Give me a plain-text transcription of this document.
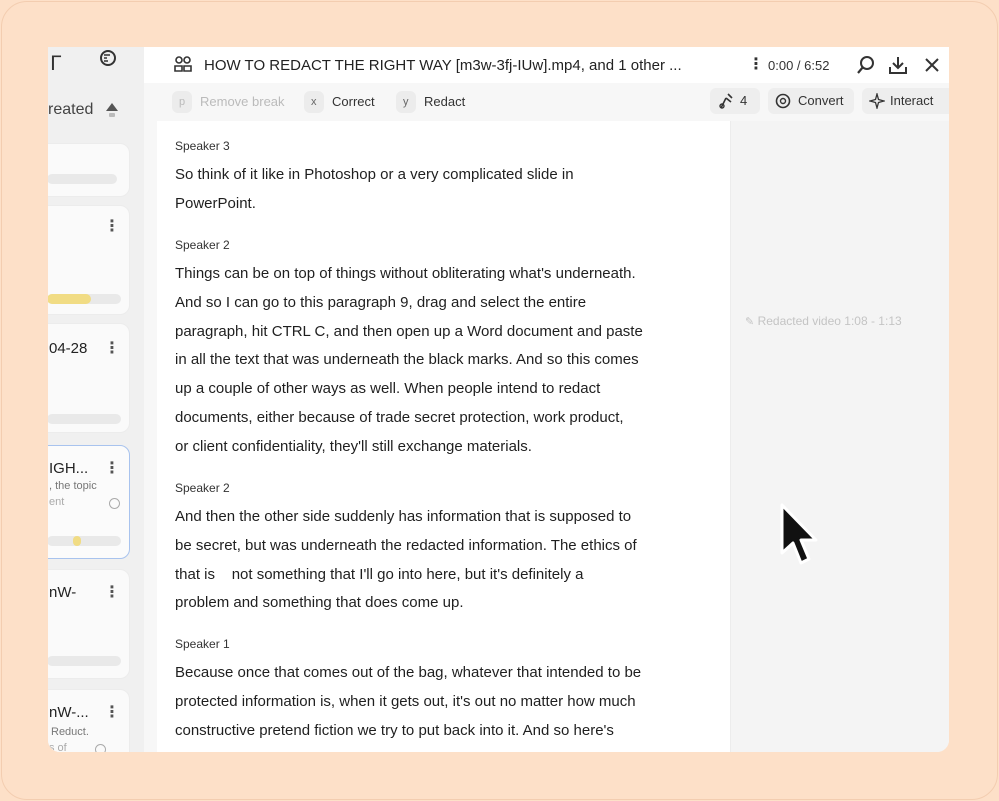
ᒥ
reated
⋮
04-28 ⋮
IGH... ⋮
, the topic
ent
nW- ⋮
nW-... ⋮
Reduct.
s of
HOW TO REDACT THE RIGHT WAY [m3w-3fj-IUw].mp4, and 1 other ...	⋮ 0:00 / 6:52
p	Remove break	x	Correct	y	Redact	4	Convert	Interact
Speaker 3
So think of it like in Photoshop or a very complicated slide in
PowerPoint.
Speaker 2
Things can be on top of things without obliterating what's underneath.
And so I can go to this paragraph 9, drag and select the entire
paragraph, hit CTRL C, and then open up a Word document and paste
in all the text that was underneath the black marks. And so this comes
up a couple of other ways as well. When people intend to redact
documents, either because of trade secret protection, work product,
or client confidentiality, they'll still exchange materials.
Speaker 2
And then the other side suddenly has information that is supposed to
be secret, but was underneath the redacted information. The ethics of
that is    not something that I'll go into here, but it's definitely a
problem and something that does come up.
Speaker 1
Because once that comes out of the bag, whatever that intended to be
protected information is, when it gets out, it's out no matter how much
constructive pretend fiction we try to put back into it. And so here's
✎ Redacted video 1:08 - 1:13
